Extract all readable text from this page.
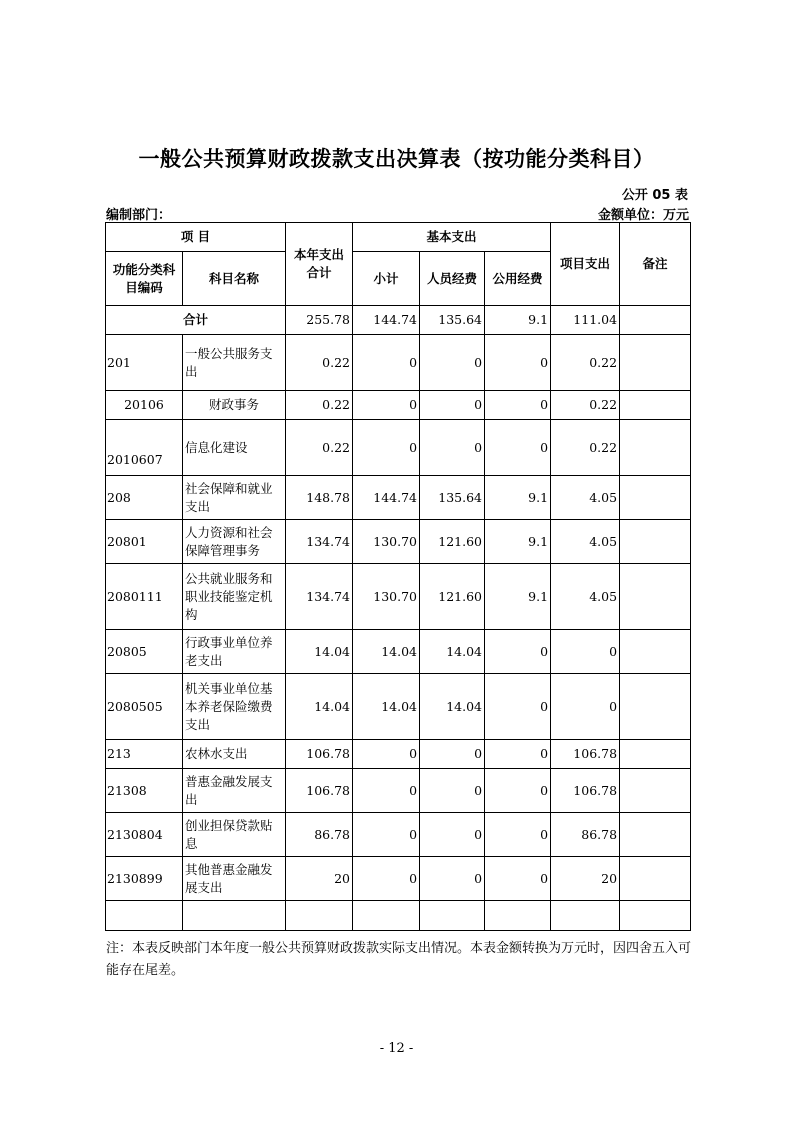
一般公共预算财政拨款支出决算表（按功能分类科目）
公开 05 表
编制部门：	金额单位：万元
项 目		本年支出合计	基本支出			项目支出	备注
功能分类科目编码	科目名称		小计	人员经费	公用经费		
合计		255.78	144.74	135.64	9.1	111.04	
201	一般公共服务支出	0.22	0	0	0	0.22	
20106	财政事务	0.22	0	0	0	0.22	
2010607	信息化建设	0.22	0	0	0	0.22	
208	社会保障和就业支出	148.78	144.74	135.64	9.1	4.05	
20801	人力资源和社会保障管理事务	134.74	130.70	121.60	9.1	4.05	
2080111	公共就业服务和职业技能鉴定机构	134.74	130.70	121.60	9.1	4.05	
20805	行政事业单位养老支出	14.04	14.04	14.04	0	0	
2080505	机关事业单位基本养老保险缴费支出	14.04	14.04	14.04	0	0	
213	农林水支出	106.78	0	0	0	106.78	
21308	普惠金融发展支出	106.78	0	0	0	106.78	
2130804	创业担保贷款贴息	86.78	0	0	0	86.78	
2130899	其他普惠金融发展支出	20	0	0	0	20	

注：本表反映部门本年度一般公共预算财政拨款实际支出情况。本表金额转换为万元时，因四舍五入可能存在尾差。
- 12 -
